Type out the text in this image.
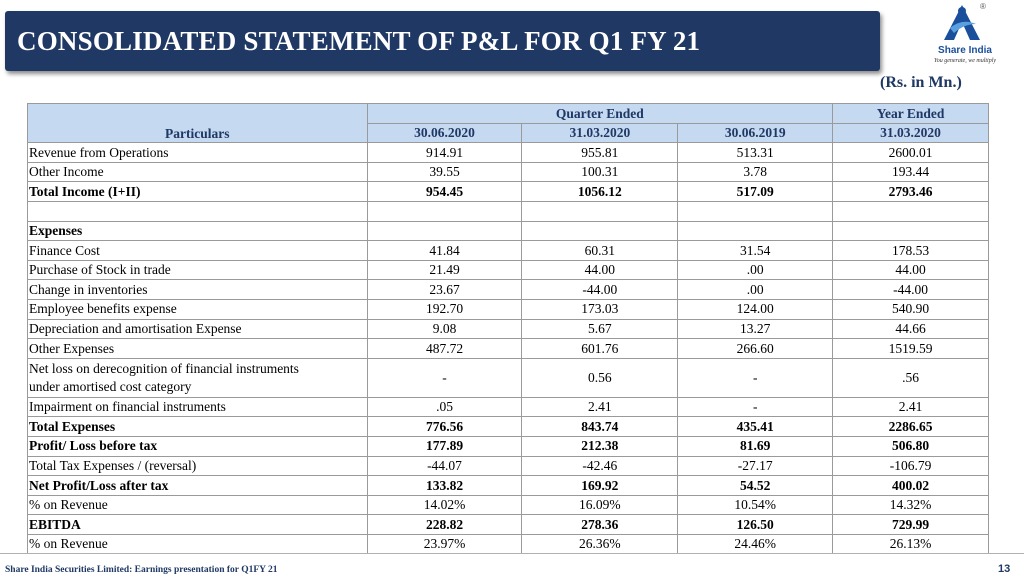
CONSOLIDATED STATEMENT OF P&L FOR Q1 FY 21
®
Share India
You generate, we multiply
(Rs. in Mn.)
Particulars	Quarter Ended			Year Ended
	30.06.2020	31.03.2020	30.06.2019	31.03.2020
Revenue from Operations	914.91	955.81	513.31	2600.01
Other Income	39.55	100.31	3.78	193.44
Total Income (I+II)	954.45	1056.12	517.09	2793.46

Expenses				
Finance Cost	41.84	60.31	31.54	178.53
Purchase of Stock in trade	21.49	44.00	.00	44.00
Change in inventories	23.67	-44.00	.00	-44.00
Employee benefits expense	192.70	173.03	124.00	540.90
Depreciation and amortisation Expense	9.08	5.67	13.27	44.66
Other Expenses	487.72	601.76	266.60	1519.59
Net loss on derecognition of financial instruments
under amortised cost category	-	0.56	-	.56
Impairment on financial instruments	.05	2.41	-	2.41
Total Expenses	776.56	843.74	435.41	2286.65
Profit/ Loss before tax	177.89	212.38	81.69	506.80
Total Tax Expenses / (reversal)	-44.07	-42.46	-27.17	-106.79
Net Profit/Loss after tax	133.82	169.92	54.52	400.02
% on Revenue	14.02%	16.09%	10.54%	14.32%
EBITDA	228.82	278.36	126.50	729.99
% on Revenue	23.97%	26.36%	24.46%	26.13%
Share India Securities Limited: Earnings presentation for Q1FY 21	13
